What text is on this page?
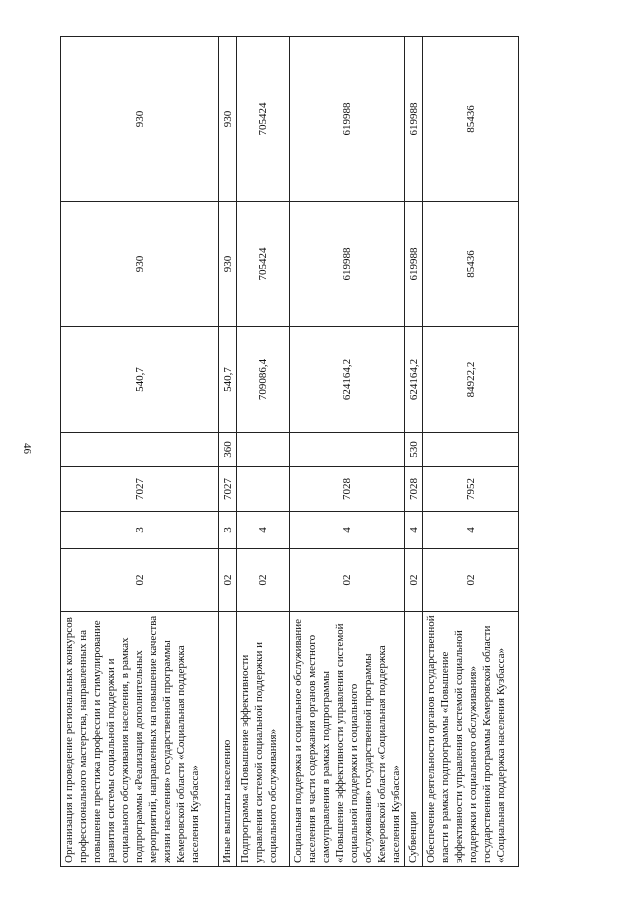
46
Организация и проведение региональных конкурсов профессионального мастерства, направленных на повышение престижа профессии и стимулирование развития системы социальной поддержки и социального обслуживания населения, в рамках подпрограммы «Реализация дополнительных мероприятий, направленных на повышение качества жизни населения» государственной программы Кемеровской области «Социальная поддержка населения Кузбасса»	02	3	7027		540,7	930	930
Иные выплаты населению	02	3	7027	360	540,7	930	930
Подпрограмма «Повышение эффективности управления системой социальной поддержки и социального обслуживания»	02	4			709086,4	705424	705424
Социальная поддержка и социальное обслуживание населения в части содержания органов местного самоуправления в рамках подпрограммы «Повышение эффективности управления системой социальной поддержки и социального обслуживания» государственной программы Кемеровской области «Социальная поддержка населения Кузбасса»	02	4	7028		624164,2	619988	619988
Субвенции	02	4	7028	530	624164,2	619988	619988
Обеспечение деятельности органов государственной власти в рамках подпрограммы «Повышение эффективности управления системой социальной поддержки и социального обслуживания» государственной программы Кемеровской области «Социальная поддержка населения Кузбасса»	02	4	7952		84922,2	85436	85436
